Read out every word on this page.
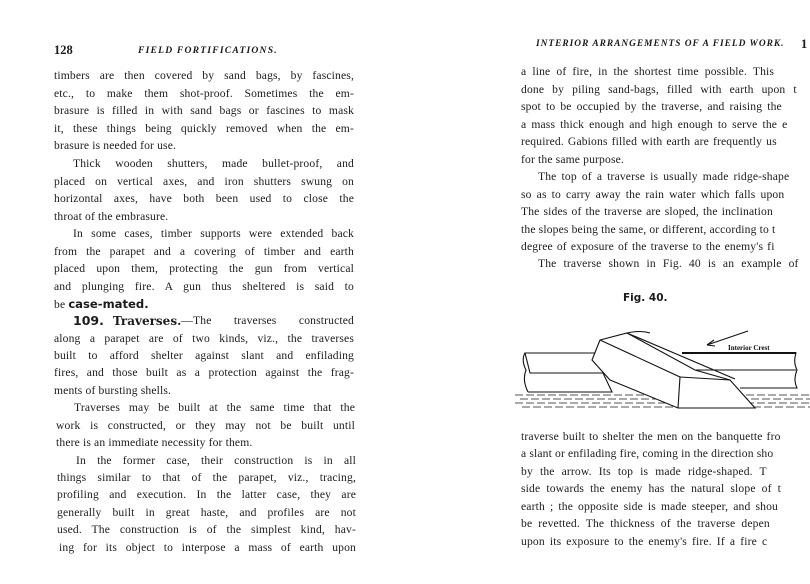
128	FIELD FORTIFICATIONS.
timbers are then covered by sand bags, by fascines,
etc., to make them shot-proof. Sometimes the em-
brasure is filled in with sand bags or fascines to mask
it, these things being quickly removed when the em-
brasure is needed for use.
Thick wooden shutters, made bullet-proof, and
placed on vertical axes, and iron shutters swung on
horizontal axes, have both been used to close the
throat of the embrasure.
In some cases, timber supports were extended back
from the parapet and a covering of timber and earth
placed upon them, protecting the gun from vertical
and plunging fire. A gun thus sheltered is said to
be case-mated.
109. Traverses. —The traverses constructed
along a parapet are of two kinds, viz., the traverses
built to afford shelter against slant and enfilading
fires, and those built as a protection against the frag-
ments of bursting shells.
Traverses may be built at the same time that the
work is constructed, or they may not be built until
there is an immediate necessity for them.
In the former case, their construction is in all
things similar to that of the parapet, viz., tracing,
profiling and execution. In the latter case, they are
generally built in great haste, and profiles are not
used. The construction is of the simplest kind, hav-
ing for its object to interpose a mass of earth upon
INTERIOR ARRANGEMENTS OF A FIELD WORK. 1
a line of fire, in the shortest time possible. This
done by piling sand-bags, filled with earth upon t
spot to be occupied by the traverse, and raising the
a mass thick enough and high enough to serve the e
required. Gabions filled with earth are frequently us
for the same purpose.
The top of a traverse is usually made ridge-shape
so as to carry away the rain water which falls upon
The sides of the traverse are sloped, the inclination
the slopes being the same, or different, according to t
degree of exposure of the traverse to the enemy's fi
The traverse shown in Fig. 40 is an example of
Fig. 40.
Interior Crest
traverse built to shelter the men on the banquette fro
a slant or enfilading fire, coming in the direction sho
by the arrow. Its top is made ridge-shaped. T
side towards the enemy has the natural slope of t
earth ; the opposite side is made steeper, and shou
be revetted. The thickness of the traverse depen
upon its exposure to the enemy's fire. If a fire c
